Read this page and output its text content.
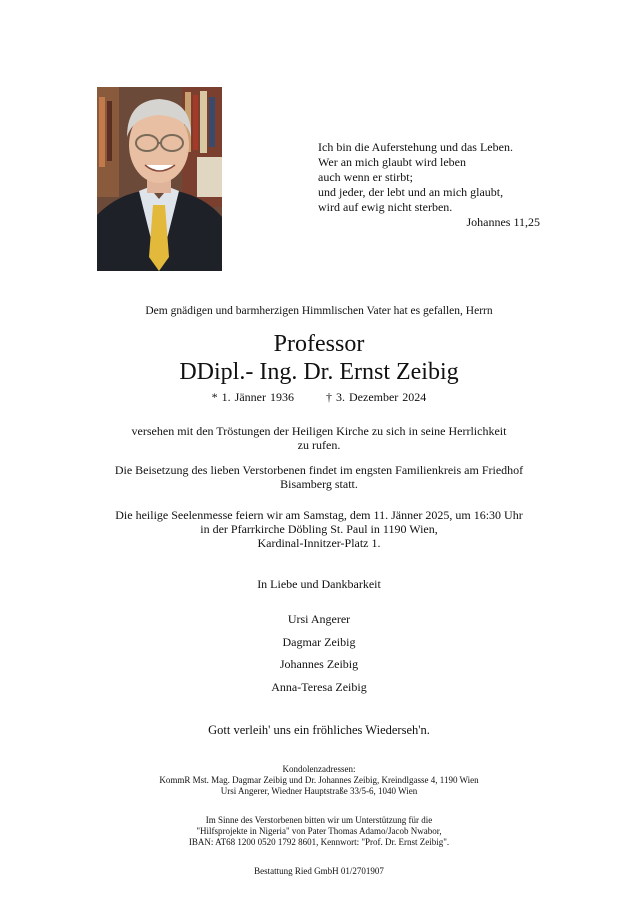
Ich bin die Auferstehung und das Leben.
Wer an mich glaubt wird leben
auch wenn er stirbt;
und jeder, der lebt und an mich glaubt,
wird auf ewig nicht sterben.
Johannes 11,25
Dem gnädigen und barmherzigen Himmlischen Vater hat es gefallen, Herrn
Professor
DDipl.- Ing. Dr. Ernst Zeibig
* 1. Jänner 1936	† 3. Dezember 2024
versehen mit den Tröstungen der Heiligen Kirche zu sich in seine Herrlichkeit
zu rufen.
Die Beisetzung des lieben Verstorbenen findet im engsten Familienkreis am Friedhof
Bisamberg statt.
Die heilige Seelenmesse feiern wir am Samstag, dem 11. Jänner 2025, um 16:30 Uhr
in der Pfarrkirche Döbling St. Paul in 1190 Wien,
Kardinal-Innitzer-Platz 1.
In Liebe und Dankbarkeit
Ursi Angerer
Dagmar Zeibig
Johannes Zeibig
Anna-Teresa Zeibig
Gott verleih' uns ein fröhliches Wiederseh'n.
Kondolenzadressen:
KommR Mst. Mag. Dagmar Zeibig und Dr. Johannes Zeibig, Kreindlgasse 4, 1190 Wien
Ursi Angerer, Wiedner Hauptstraße 33/5-6, 1040 Wien
Im Sinne des Verstorbenen bitten wir um Unterstützung für die
"Hilfsprojekte in Nigeria" von Pater Thomas Adamo/Jacob Nwabor,
IBAN: AT68 1200 0520 1792 8601, Kennwort: "Prof. Dr. Ernst Zeibig".
Bestattung Ried GmbH 01/2701907
